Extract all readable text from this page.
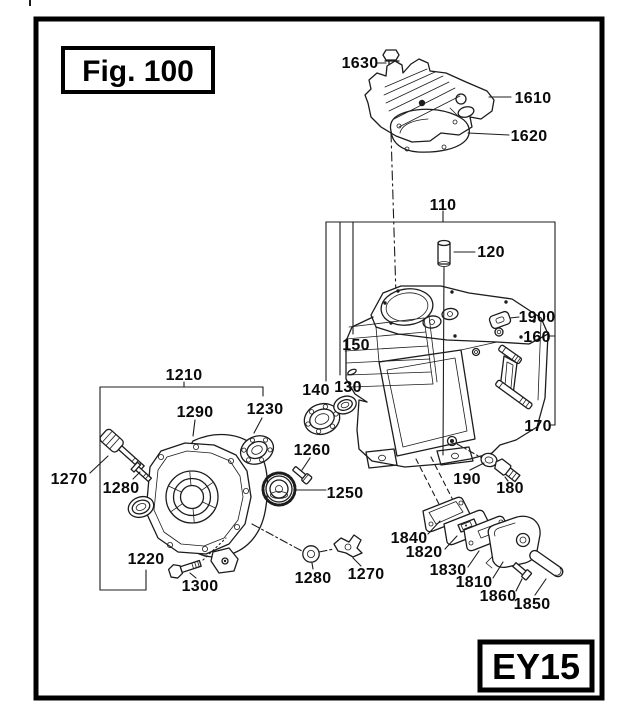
1630
1610
1620
110
120
1900
160
170
190
180
150
130
140
1210
1290 1230
1260
1250
1270
1280
1220
1300	1280 1270
1840
1820
1830
1810
1860
1850
Fig. 100
EY15
